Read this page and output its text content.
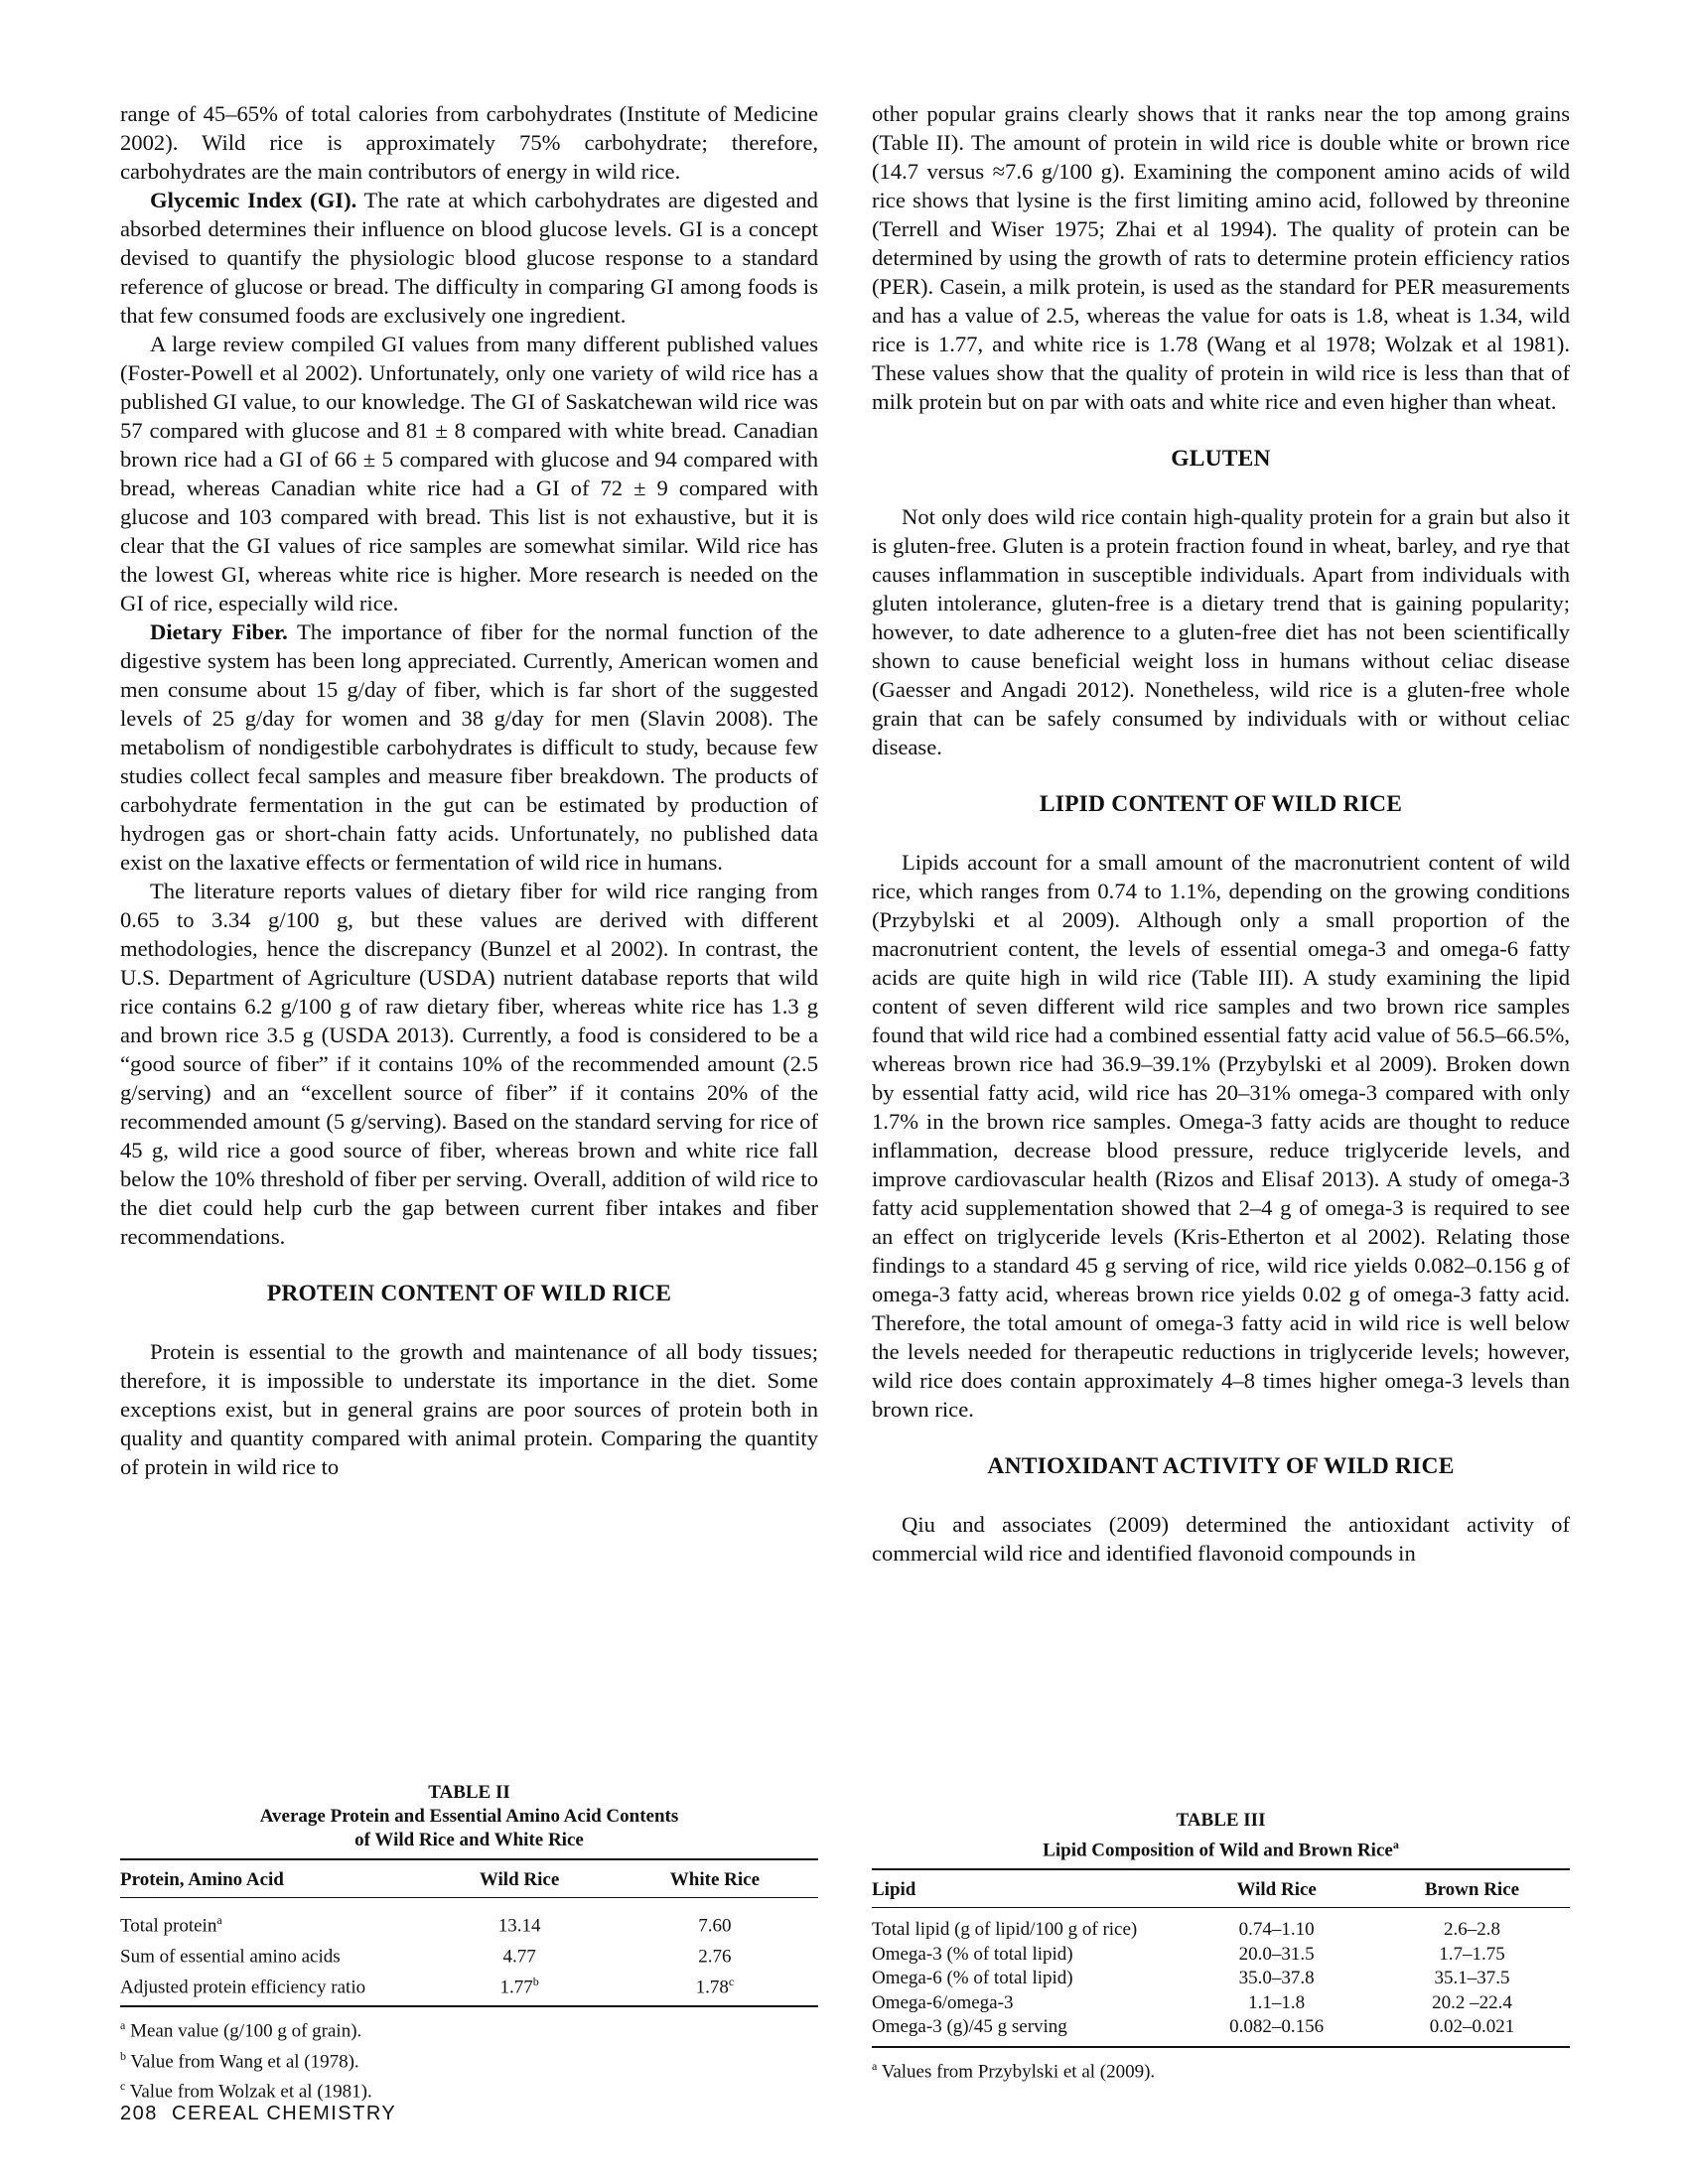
range of 45–65% of total calories from carbohydrates (Institute of Medicine 2002). Wild rice is approximately 75% carbohydrate; therefore, carbohydrates are the main contributors of energy in wild rice.

Glycemic Index (GI). The rate at which carbohydrates are digested and absorbed determines their influence on blood glucose levels. GI is a concept devised to quantify the physiologic blood glucose response to a standard reference of glucose or bread. The difficulty in comparing GI among foods is that few consumed foods are exclusively one ingredient.

A large review compiled GI values from many different published values (Foster-Powell et al 2002). Unfortunately, only one variety of wild rice has a published GI value, to our knowledge. The GI of Saskatchewan wild rice was 57 compared with glucose and 81 ± 8 compared with white bread. Canadian brown rice had a GI of 66 ± 5 compared with glucose and 94 compared with bread, whereas Canadian white rice had a GI of 72 ± 9 compared with glucose and 103 compared with bread. This list is not exhaustive, but it is clear that the GI values of rice samples are somewhat similar. Wild rice has the lowest GI, whereas white rice is higher. More research is needed on the GI of rice, especially wild rice.

Dietary Fiber. The importance of fiber for the normal function of the digestive system has been long appreciated. Currently, American women and men consume about 15 g/day of fiber, which is far short of the suggested levels of 25 g/day for women and 38 g/day for men (Slavin 2008). The metabolism of nondigestible carbohydrates is difficult to study, because few studies collect fecal samples and measure fiber breakdown. The products of carbohydrate fermentation in the gut can be estimated by production of hydrogen gas or short-chain fatty acids. Unfortunately, no published data exist on the laxative effects or fermentation of wild rice in humans.

The literature reports values of dietary fiber for wild rice ranging from 0.65 to 3.34 g/100 g, but these values are derived with different methodologies, hence the discrepancy (Bunzel et al 2002). In contrast, the U.S. Department of Agriculture (USDA) nutrient database reports that wild rice contains 6.2 g/100 g of raw dietary fiber, whereas white rice has 1.3 g and brown rice 3.5 g (USDA 2013). Currently, a food is considered to be a “good source of fiber” if it contains 10% of the recommended amount (2.5 g/serving) and an “excellent source of fiber” if it contains 20% of the recommended amount (5 g/serving). Based on the standard serving for rice of 45 g, wild rice a good source of fiber, whereas brown and white rice fall below the 10% threshold of fiber per serving. Overall, addition of wild rice to the diet could help curb the gap between current fiber intakes and fiber recommendations.

PROTEIN CONTENT OF WILD RICE

Protein is essential to the growth and maintenance of all body tissues; therefore, it is impossible to understate its importance in the diet. Some exceptions exist, but in general grains are poor sources of protein both in quality and quantity compared with animal protein. Comparing the quantity of protein in wild rice to

other popular grains clearly shows that it ranks near the top among grains (Table II). The amount of protein in wild rice is double white or brown rice (14.7 versus ≈7.6 g/100 g). Examining the component amino acids of wild rice shows that lysine is the first limiting amino acid, followed by threonine (Terrell and Wiser 1975; Zhai et al 1994). The quality of protein can be determined by using the growth of rats to determine protein efficiency ratios (PER). Casein, a milk protein, is used as the standard for PER measurements and has a value of 2.5, whereas the value for oats is 1.8, wheat is 1.34, wild rice is 1.77, and white rice is 1.78 (Wang et al 1978; Wolzak et al 1981). These values show that the quality of protein in wild rice is less than that of milk protein but on par with oats and white rice and even higher than wheat.

GLUTEN

Not only does wild rice contain high-quality protein for a grain but also it is gluten-free. Gluten is a protein fraction found in wheat, barley, and rye that causes inflammation in susceptible individuals. Apart from individuals with gluten intolerance, gluten-free is a dietary trend that is gaining popularity; however, to date adherence to a gluten-free diet has not been scientifically shown to cause beneficial weight loss in humans without celiac disease (Gaesser and Angadi 2012). Nonetheless, wild rice is a gluten-free whole grain that can be safely consumed by individuals with or without celiac disease.

LIPID CONTENT OF WILD RICE

Lipids account for a small amount of the macronutrient content of wild rice, which ranges from 0.74 to 1.1%, depending on the growing conditions (Przybylski et al 2009). Although only a small proportion of the macronutrient content, the levels of essential omega-3 and omega-6 fatty acids are quite high in wild rice (Table III). A study examining the lipid content of seven different wild rice samples and two brown rice samples found that wild rice had a combined essential fatty acid value of 56.5–66.5%, whereas brown rice had 36.9–39.1% (Przybylski et al 2009). Broken down by essential fatty acid, wild rice has 20–31% omega-3 compared with only 1.7% in the brown rice samples. Omega-3 fatty acids are thought to reduce inflammation, decrease blood pressure, reduce triglyceride levels, and improve cardiovascular health (Rizos and Elisaf 2013). A study of omega-3 fatty acid supplementation showed that 2–4 g of omega-3 is required to see an effect on triglyceride levels (Kris-Etherton et al 2002). Relating those findings to a standard 45 g serving of rice, wild rice yields 0.082–0.156 g of omega-3 fatty acid, whereas brown rice yields 0.02 g of omega-3 fatty acid. Therefore, the total amount of omega-3 fatty acid in wild rice is well below the levels needed for therapeutic reductions in triglyceride levels; however, wild rice does contain approximately 4–8 times higher omega-3 levels than brown rice.

ANTIOXIDANT ACTIVITY OF WILD RICE

Qiu and associates (2009) determined the antioxidant activity of commercial wild rice and identified flavonoid compounds in

TABLE II
Average Protein and Essential Amino Acid Contents
of Wild Rice and White Rice
Protein, Amino Acid	Wild Rice	White Rice
Total protein$^a$	13.14	7.60
Sum of essential amino acids	4.77	2.76
Adjusted protein efficiency ratio	1.77$^b$	1.78$^c$
$^a$ Mean value (g/100 g of grain).
$^b$ Value from Wang et al (1978).
$^c$ Value from Wolzak et al (1981).
TABLE III
Lipid Composition of Wild and Brown Rice$^a$
Lipid	Wild Rice	Brown Rice
Total lipid (g of lipid/100 g of rice)	0.74–1.10	2.6–2.8
Omega-3 (% of total lipid)	20.0–31.5	1.7–1.75
Omega-6 (% of total lipid)	35.0–37.8	35.1–37.5
Omega-6/omega-3	1.1–1.8	20.2 –22.4
Omega-3 (g)/45 g serving	0.082–0.156	0.02–0.021
$^a$ Values from Przybylski et al (2009).
208 CEREAL CHEMISTRY
